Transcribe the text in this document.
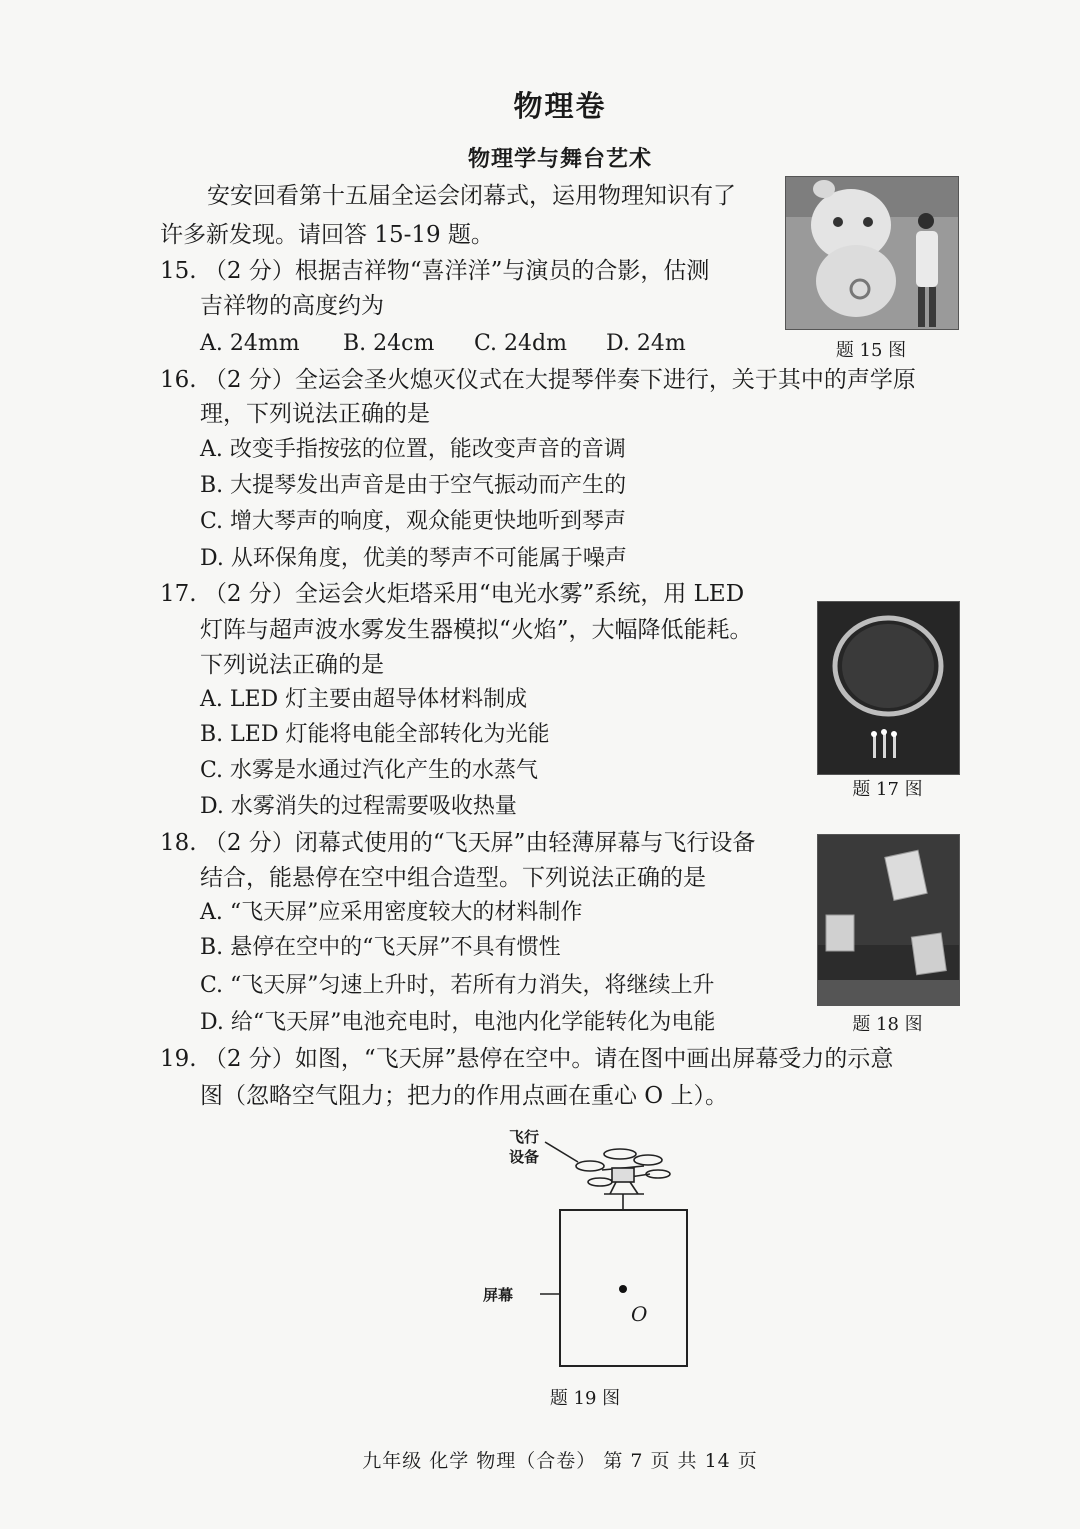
物理卷
物理学与舞台艺术
安安回看第十五届全运会闭幕式，运用物理知识有了
许多新发现。请回答 15-19 题。
15. （2 分）根据吉祥物“喜洋洋”与演员的合影，估测
吉祥物的高度约为
A. 24mm B. 24cm C. 24dm D. 24m	题 15 图
16. （2 分）全运会圣火熄灭仪式在大提琴伴奏下进行，关于其中的声学原
理，下列说法正确的是
A. 改变手指按弦的位置，能改变声音的音调
B. 大提琴发出声音是由于空气振动而产生的
C. 增大琴声的响度，观众能更快地听到琴声
D. 从环保角度，优美的琴声不可能属于噪声
17. （2 分）全运会火炬塔采用“电光水雾”系统，用 LED
灯阵与超声波水雾发生器模拟“火焰”，大幅降低能耗。
下列说法正确的是
A. LED 灯主要由超导体材料制成
B. LED 灯能将电能全部转化为光能
C. 水雾是水通过汽化产生的水蒸气
D. 水雾消失的过程需要吸收热量
题 17 图
18. （2 分）闭幕式使用的“飞天屏”由轻薄屏幕与飞行设备
结合，能悬停在空中组合造型。下列说法正确的是
A. “飞天屏”应采用密度较大的材料制作
B. 悬停在空中的“飞天屏”不具有惯性
C. “飞天屏”匀速上升时，若所有力消失，将继续上升
D. 给“飞天屏”电池充电时，电池内化学能转化为电能	题 18 图
19. （2 分）如图，“飞天屏”悬停在空中。请在图中画出屏幕受力的示意
图（忽略空气阻力；把力的作用点画在重心 O 上）。
飞行
设备
屏幕
O
题 19 图
九年级 化学 物理（合卷） 第 7 页 共 14 页
